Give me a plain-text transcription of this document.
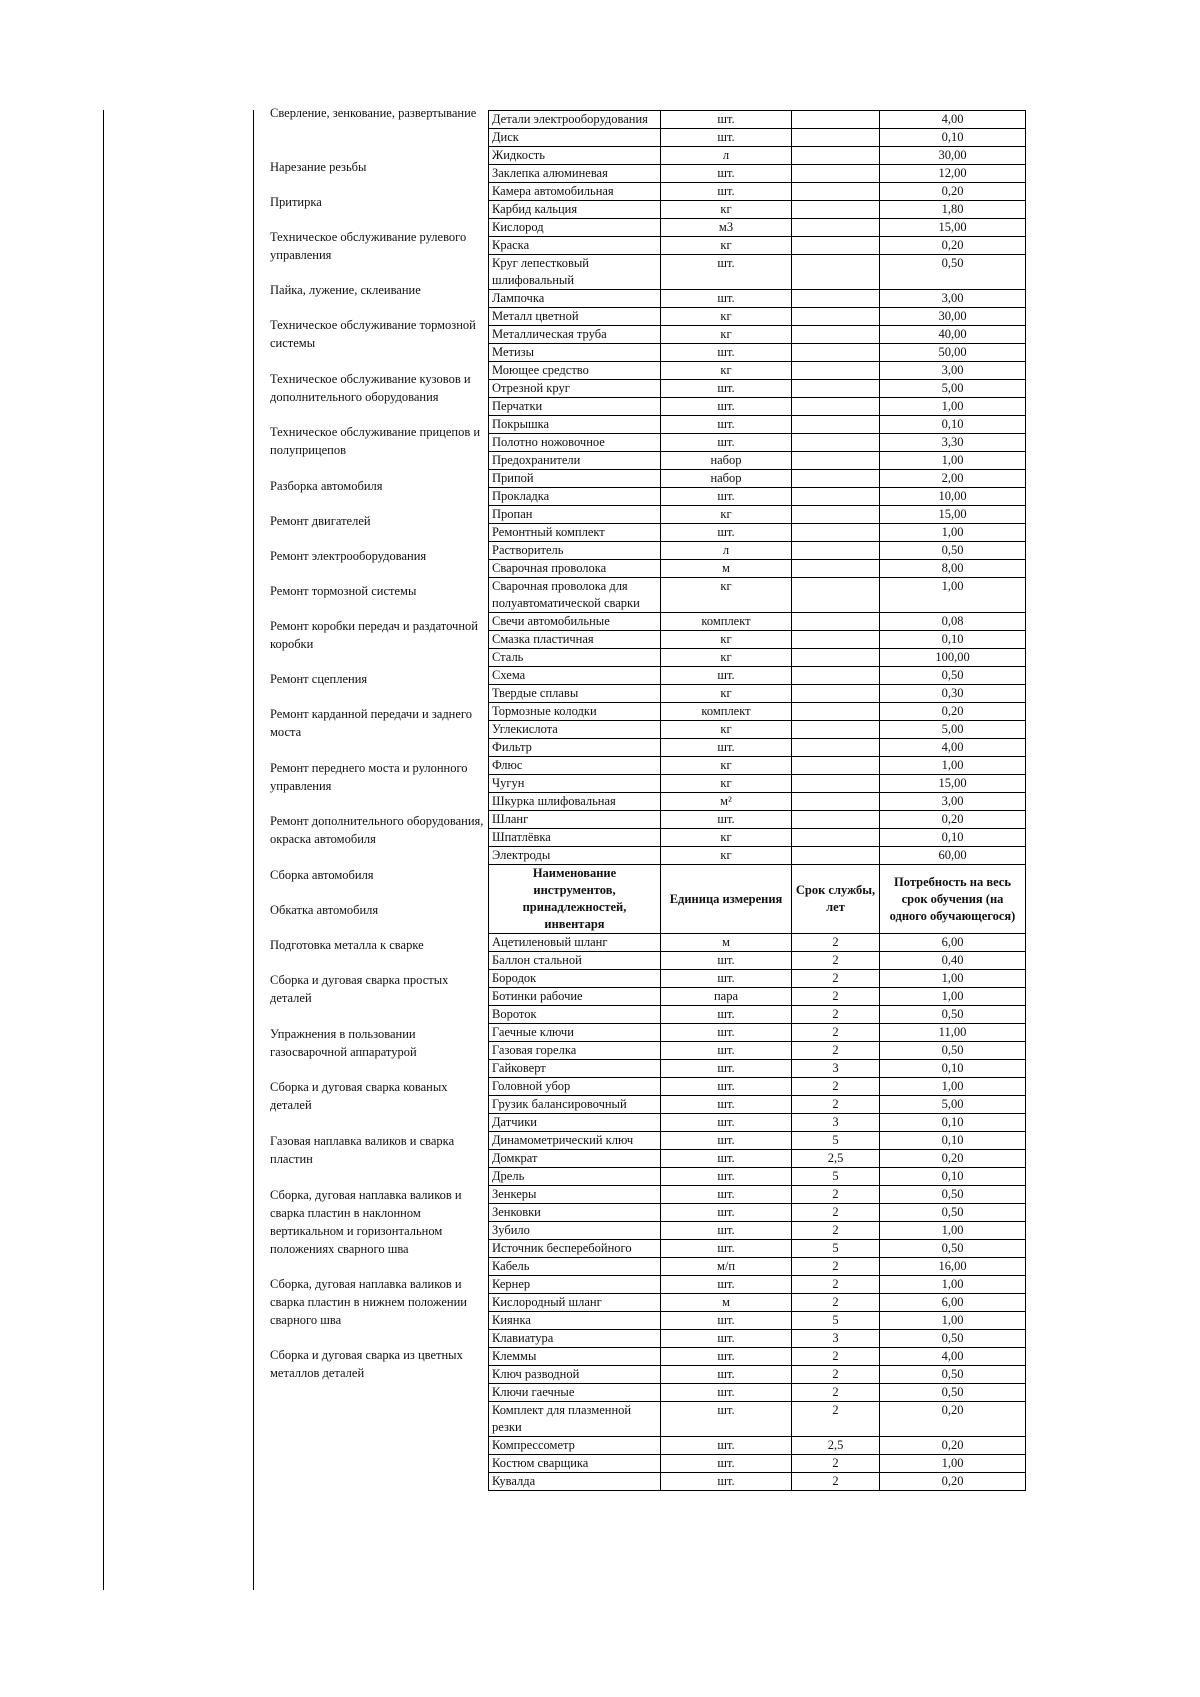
Сверление, зенкование, развертывание
Нарезание резьбы
Притирка
Техническое обслуживание рулевого управления
Пайка, лужение, склеивание
Техническое обслуживание тормозной системы
Техническое обслуживание кузовов и дополнительного оборудования
Техническое обслуживание прицепов и полуприцепов
Разборка автомобиля
Ремонт двигателей
Ремонт электрооборудования
Ремонт тормозной системы
Ремонт коробки передач и раздаточной коробки
Ремонт сцепления
Ремонт карданной передачи и заднего моста
Ремонт переднего моста и рулонного управления
Ремонт дополнительного оборудования, окраска автомобиля
Сборка автомобиля
Обкатка автомобиля
Подготовка металла к сварке
Сборка и дуговая сварка простых деталей
Упражнения в пользовании газосварочной аппаратурой
Сборка и дуговая сварка кованых деталей
Газовая наплавка валиков и сварка пластин
Сборка, дуговая наплавка валиков и сварка пластин в наклонном вертикальном и горизонтальном положениях сварного шва
Сборка, дуговая наплавка валиков и сварка пластин в нижнем положении сварного шва
Сборка и дуговая сварка из цветных металлов деталей
Детали электрооборудования	шт.		4,00
Диск	шт.		0,10
Жидкость	л		30,00
Заклепка алюминевая	шт.		12,00
Камера автомобильная	шт.		0,20
Карбид кальция	кг		1,80
Кислород	м3		15,00
Краска	кг		0,20
Круг лепестковый шлифовальный	шт.		0,50
Лампочка	шт.		3,00
Металл цветной	кг		30,00
Металлическая труба	кг		40,00
Метизы	шт.		50,00
Моющее средство	кг		3,00
Отрезной круг	шт.		5,00
Перчатки	шт.		1,00
Покрышка	шт.		0,10
Полотно ножовочное	шт.		3,30
Предохранители	набор		1,00
Припой	набор		2,00
Прокладка	шт.		10,00
Пропан	кг		15,00
Ремонтный комплект	шт.		1,00
Растворитель	л		0,50
Сварочная проволока	м		8,00
Сварочная проволока для полуавтоматической сварки	кг		1,00
Свечи автомобильные	комплект		0,08
Смазка пластичная	кг		0,10
Сталь	кг		100,00
Схема	шт.		0,50
Твердые сплавы	кг		0,30
Тормозные колодки	комплект		0,20
Углекислота	кг		5,00
Фильтр	шт.		4,00
Флюс	кг		1,00
Чугун	кг		15,00
Шкурка шлифовальная	м²		3,00
Шланг	шт.		0,20
Шпатлёвка	кг		0,10
Электроды	кг		60,00
Наименование инструментов, принадлежностей, инвентаря	Единица измерения	Срок службы, лет	Потребность на весь срок обучения (на одного обучающегося)
Ацетиленовый шланг	м	2	6,00
Баллон стальной	шт.	2	0,40
Бородок	шт.	2	1,00
Ботинки рабочие	пара	2	1,00
Вороток	шт.	2	0,50
Гаечные ключи	шт.	2	11,00
Газовая горелка	шт.	2	0,50
Гайковерт	шт.	3	0,10
Головной убор	шт.	2	1,00
Грузик балансировочный	шт.	2	5,00
Датчики	шт.	3	0,10
Динамометрический ключ	шт.	5	0,10
Домкрат	шт.	2,5	0,20
Дрель	шт.	5	0,10
Зенкеры	шт.	2	0,50
Зенковки	шт.	2	0,50
Зубило	шт.	2	1,00
Источник бесперебойного	шт.	5	0,50
Кабель	м/п	2	16,00
Кернер	шт.	2	1,00
Кислородный шланг	м	2	6,00
Киянка	шт.	5	1,00
Клавиатура	шт.	3	0,50
Клеммы	шт.	2	4,00
Ключ разводной	шт.	2	0,50
Ключи гаечные	шт.	2	0,50
Комплект для плазменной резки	шт.	2	0,20
Компрессометр	шт.	2,5	0,20
Костюм сварщика	шт.	2	1,00
Кувалда	шт.	2	0,20
